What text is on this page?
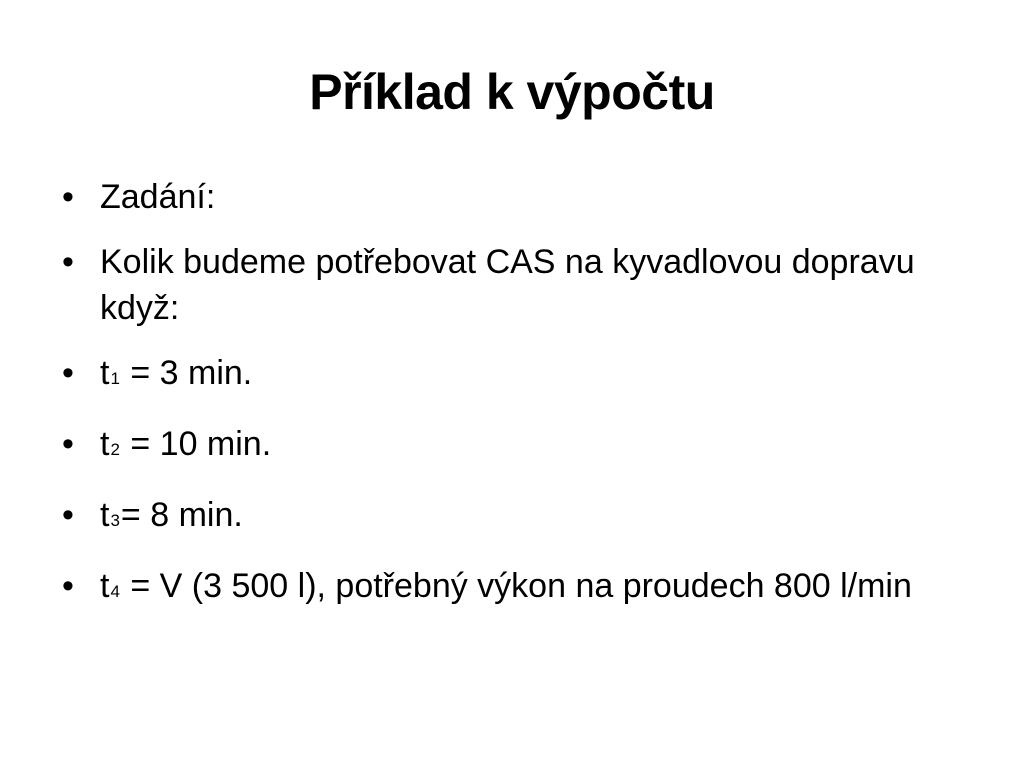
Příklad k výpočtu
• Zadání:
• Kolik budeme potřebovat CAS na kyvadlovou dopravu když:
• t1 = 3 min.
• t2 = 10 min.
• t3= 8 min.
• t4 = V (3 500 l), potřebný výkon na proudech 800 l/min
